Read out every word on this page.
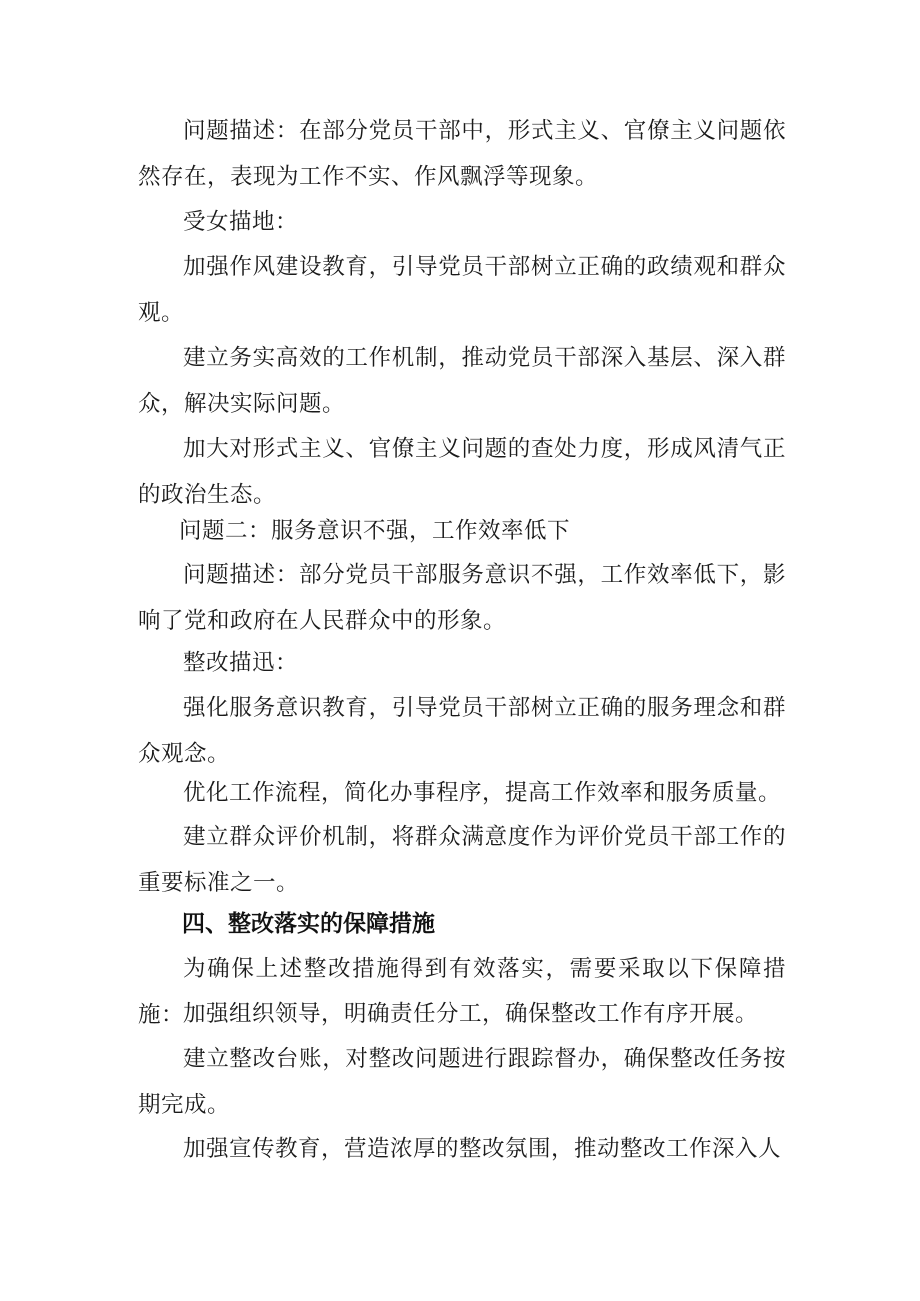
问题描述：在部分党员干部中，形式主义、官僚主义问题依然存在，表现为工作不实、作风飘浮等现象。

受女描地：

加强作风建设教育，引导党员干部树立正确的政绩观和群众观。

建立务实高效的工作机制，推动党员干部深入基层、深入群众，解决实际问题。

加大对形式主义、官僚主义问题的查处力度，形成风清气正的政治生态。

问题二：服务意识不强，工作效率低下

问题描述：部分党员干部服务意识不强，工作效率低下，影响了党和政府在人民群众中的形象。

整改描迅：

强化服务意识教育，引导党员干部树立正确的服务理念和群众观念。

优化工作流程，简化办事程序，提高工作效率和服务质量。

建立群众评价机制，将群众满意度作为评价党员干部工作的重要标准之一。

四、整改落实的保障措施

为确保上述整改措施得到有效落实，需要采取以下保障措施：

加强组织领导，明确责任分工，确保整改工作有序开展。

建立整改台账，对整改问题进行跟踪督办，确保整改任务按期完成。

加强宣传教育，营造浓厚的整改氛围，推动整改工作深入人
